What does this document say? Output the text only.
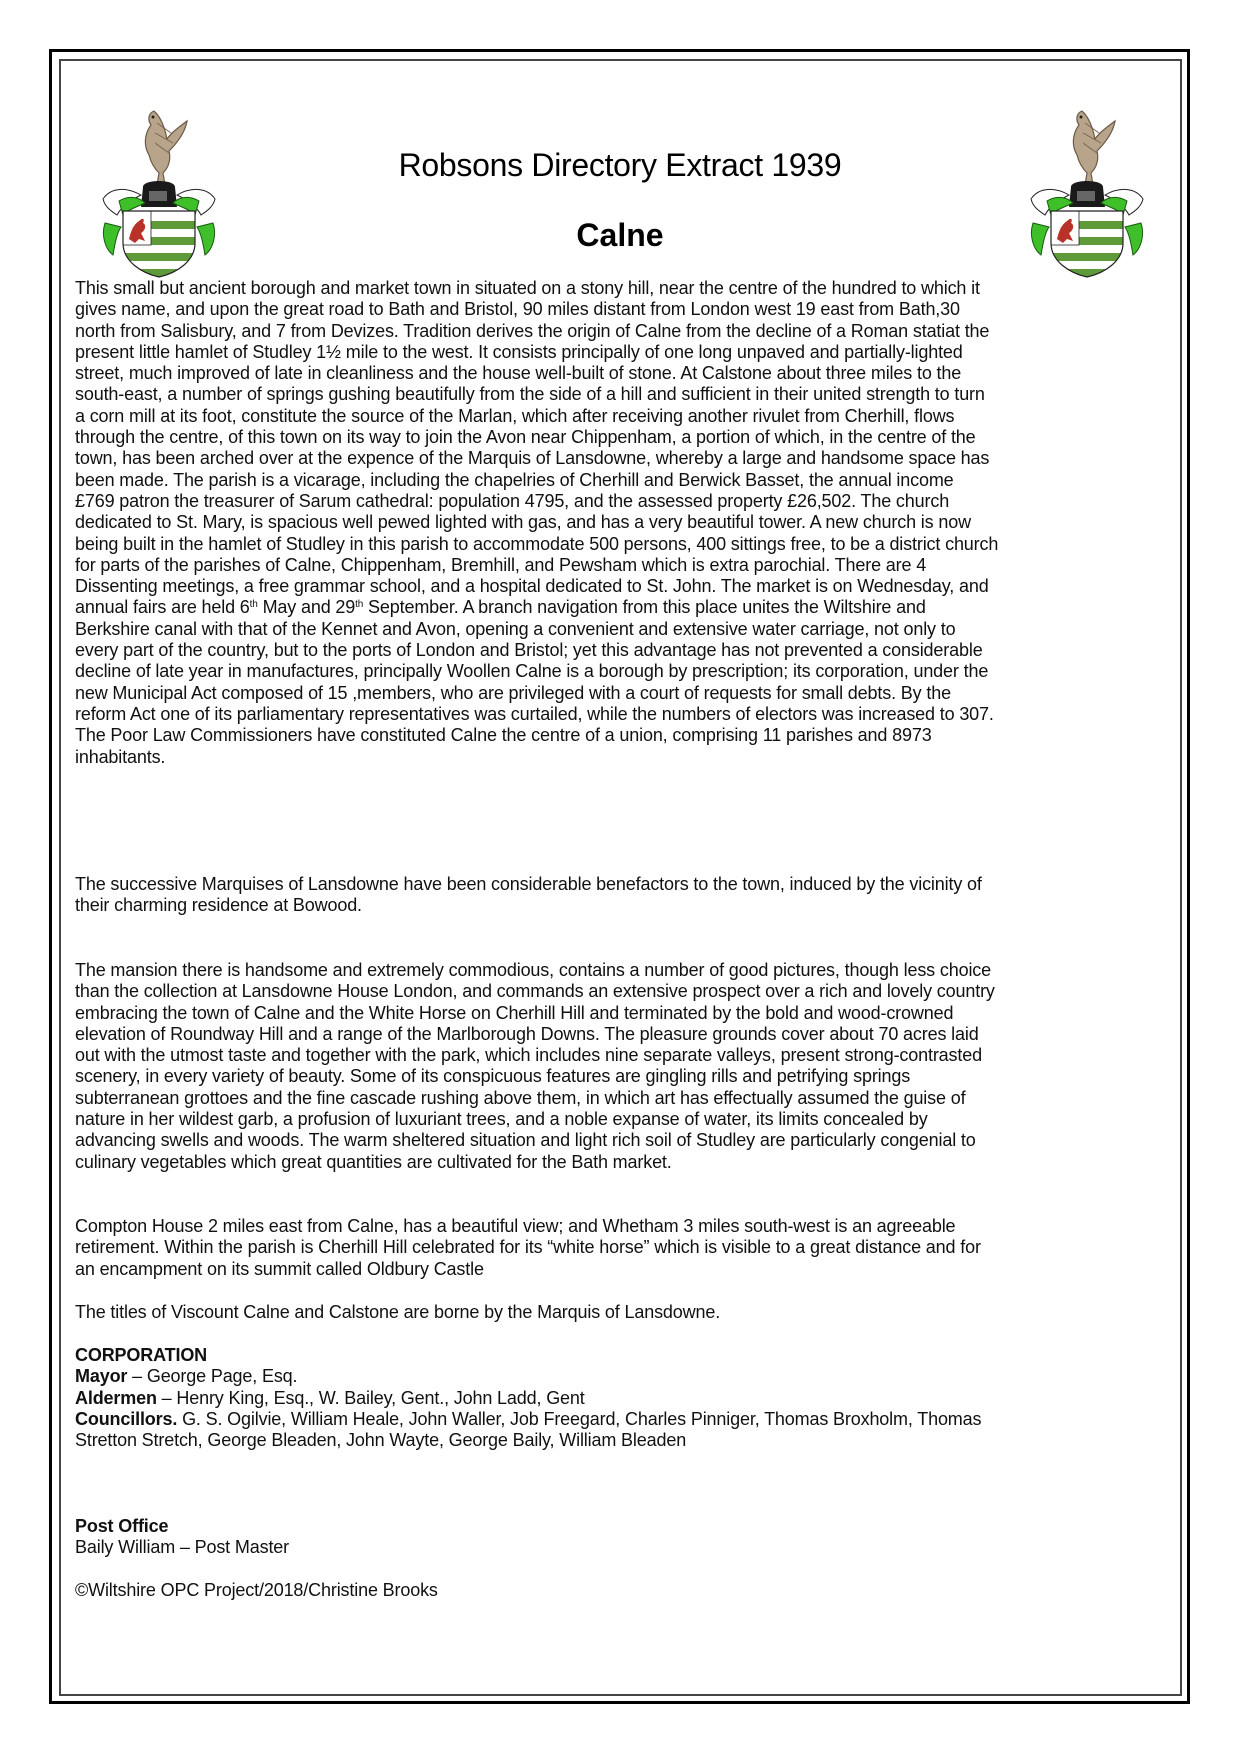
Robsons Directory Extract 1939
Calne
This small but ancient borough and market town in situated on a stony hill, near the centre of the hundred to which it
gives name, and upon the great road to Bath and Bristol, 90 miles distant from London west 19 east from Bath,30
north from Salisbury, and 7 from Devizes. Tradition derives the origin of Calne from the decline of a Roman statiat the
present little hamlet of Studley 1½ mile to the west. It consists principally of one long unpaved and partially-lighted
street, much improved of late in cleanliness and the house well-built of stone. At Calstone about three miles to the
south-east, a number of springs gushing beautifully from the side of a hill and sufficient in their united strength to turn
a corn mill at its foot, constitute the source of the Marlan, which after receiving another rivulet from Cherhill, flows
through the centre, of this town on its way to join the Avon near Chippenham, a portion of which, in the centre of the
town, has been arched over at the expence of the Marquis of Lansdowne, whereby a large and handsome space has
been made. The parish is a vicarage, including the chapelries of Cherhill and Berwick Basset, the annual income
£769 patron the treasurer of Sarum cathedral: population 4795, and the assessed property £26,502. The church
dedicated to St. Mary, is spacious well pewed lighted with gas, and has a very beautiful tower. A new church is now
being built in the hamlet of Studley in this parish to accommodate 500 persons, 400 sittings free, to be a district church
for parts of the parishes of Calne, Chippenham, Bremhill, and Pewsham which is extra parochial. There are 4
Dissenting meetings, a free grammar school, and a hospital dedicated to St. John. The market is on Wednesday, and
annual fairs are held 6th May and 29th September. A branch navigation from this place unites the Wiltshire and
Berkshire canal with that of the Kennet and Avon, opening a convenient and extensive water carriage, not only to
every part of the country, but to the ports of London and Bristol; yet this advantage has not prevented a considerable
decline of late year in manufactures, principally Woollen Calne is a borough by prescription; its corporation, under the
new Municipal Act composed of 15 ,members, who are privileged with a court of requests for small debts. By the
reform Act one of its parliamentary representatives was curtailed, while the numbers of electors was increased to 307.
The Poor Law Commissioners have constituted Calne the centre of a union, comprising 11 parishes and 8973
inhabitants.
The successive Marquises of Lansdowne have been considerable benefactors to the town, induced by the vicinity of
their charming residence at Bowood.
The mansion there is handsome and extremely commodious, contains a number of good pictures, though less choice
than the collection at Lansdowne House London, and commands an extensive prospect over a rich and lovely country
embracing the town of Calne and the White Horse on Cherhill Hill and terminated by the bold and wood-crowned
elevation of Roundway Hill and a range of the Marlborough Downs. The pleasure grounds cover about 70 acres laid
out with the utmost taste and together with the park, which includes nine separate valleys, present strong-contrasted
scenery, in every variety of beauty. Some of its conspicuous features are gingling rills and petrifying springs
subterranean grottoes and the fine cascade rushing above them, in which art has effectually assumed the guise of
nature in her wildest garb, a profusion of luxuriant trees, and a noble expanse of water, its limits concealed by
advancing swells and woods. The warm sheltered situation and light rich soil of Studley are particularly congenial to
culinary vegetables which great quantities are cultivated for the Bath market.
Compton House 2 miles east from Calne, has a beautiful view; and Whetham 3 miles south-west is an agreeable
retirement. Within the parish is Cherhill Hill celebrated for its “white horse” which is visible to a great distance and for
an encampment on its summit called Oldbury Castle
The titles of Viscount Calne and Calstone are borne by the Marquis of Lansdowne.
CORPORATION
Mayor – George Page, Esq.
Aldermen – Henry King, Esq., W. Bailey, Gent., John Ladd, Gent
Councillors. G. S. Ogilvie, William Heale, John Waller, Job Freegard, Charles Pinniger, Thomas Broxholm, Thomas
Stretton Stretch, George Bleaden, John Wayte, George Baily, William Bleaden
Post Office
Baily William – Post Master
©Wiltshire OPC Project/2018/Christine Brooks
